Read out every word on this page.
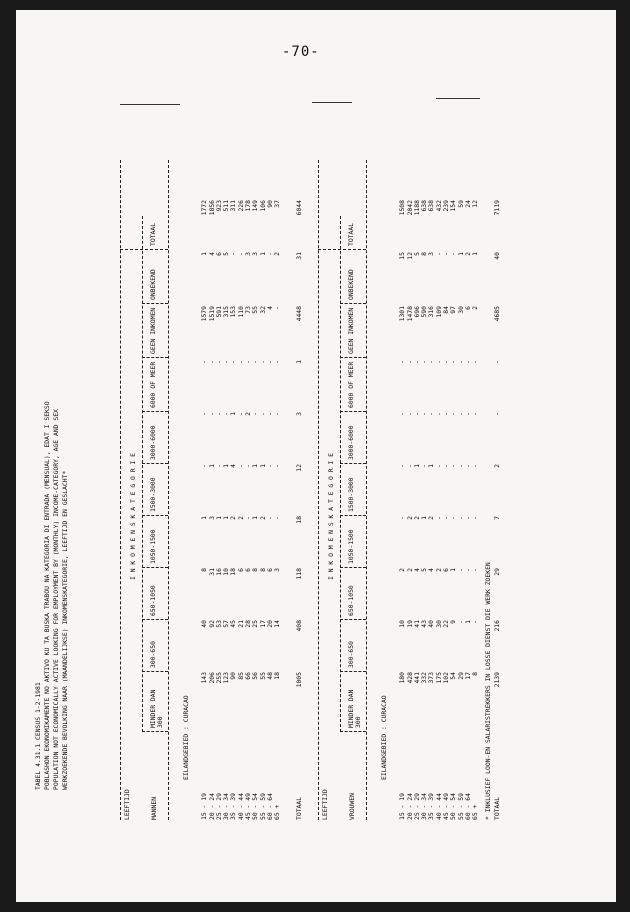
-70-
TABEL 4.31.1 CENSUS 1-2-1981 POBLASHON EKONOMIKAMENTE NO AKTIVO KU TA BUSKA TRABOU NA KATEGORIA DI ENTRADA (MENSUAL), EDAT I SEKSO POPULATION NOT ECONOMICALLY ACTIVE LOOKING FOR EMPLOYMENT BY (MONTHLY) INCOME-CATEGORY, AGE AND SEX WERKZOEKENDE BEVOLKING NAAR (MAANDELIJKSE) INKOMENSKATEGORIE, LEEFTIJD EN GESLACHT*
LEEFTIJD	MANNEN
I N K O M E N S K A T E G O R I E
MINDER DAN 300
300-650
650-1050
1050-1500
1500-3000
3000-6000
6000 OF MEER
GEEN INKOMEN
ONBEKEND
TOTAAL
EILANDGEBIED : CURACAO
15 - 19
143
40
8
1
-
-
-
1579
1
1772
20 - 24
206
92
31
3
1
-
-
1519
4
1856
25 - 29
255
53
16
1
-
-
-
591
6
923
30 - 34
123
57
10
1
1
-
-
315
5
511
35 - 39
90
45
18
2
4
1
-
153
-
311
40 - 44
85
21
6
2
-
-
-
110
-
226
45 - 49
66
28
6
-
-
2
-
73
3
178
50 - 54
56
25
8
1
1
-
-
55
3
149
55 - 59
55
17
8
2
1
-
-
32
1
106
60 - 64
48
20
6
-
-
-
-
4
-
90
65 +
18
14
3
-
-
-
-
-
2
37
TOTAAL
1005
408
118
18
12
3
1
4448
31
6044
LEEFTIJD	VROUWEN
I N K O M E N S K A T E G O R I E
MINDER DAN 300
300-650
650-1050
1050-1500
1500-3000
3000-6000
6000 OF MEER
GEEN INKOMEN
ONBEKEND
TOTAAL
EILANDGEBIED : CURACAO
15 - 19
180
10
2
-
-
-
-
1301
15
1508
20 - 24
428
19
2
2
-
-
-
1478
12
2042
25 - 29
441
41
4
2
1
-
-
696
5
1188
30 - 34
332
43
5
1
-
-
-
590
8
638
35 - 39
373
40
4
2
1
-
-
316
3
638
40 - 44
175
30
2
-
-
-
-
109
-
432
45 - 49
102
22
6
-
-
-
-
84
-
239
50 - 54
54
9
1
-
-
-
-
97
-
154
55 - 59
29
-
-
-
-
-
-
30
1
59
60 - 64
17
1
-
-
-
-
-
6
2
24
65 +
8
-
-
-
-
-
-
2
1
12
TOTAAL
2139
216
29
7
2
-
-
4685
40
7119
* INKLUSIEF LOON-EN SALARISTREKKERS IN LOSSE DIENST DIE WERK ZOEKEN
